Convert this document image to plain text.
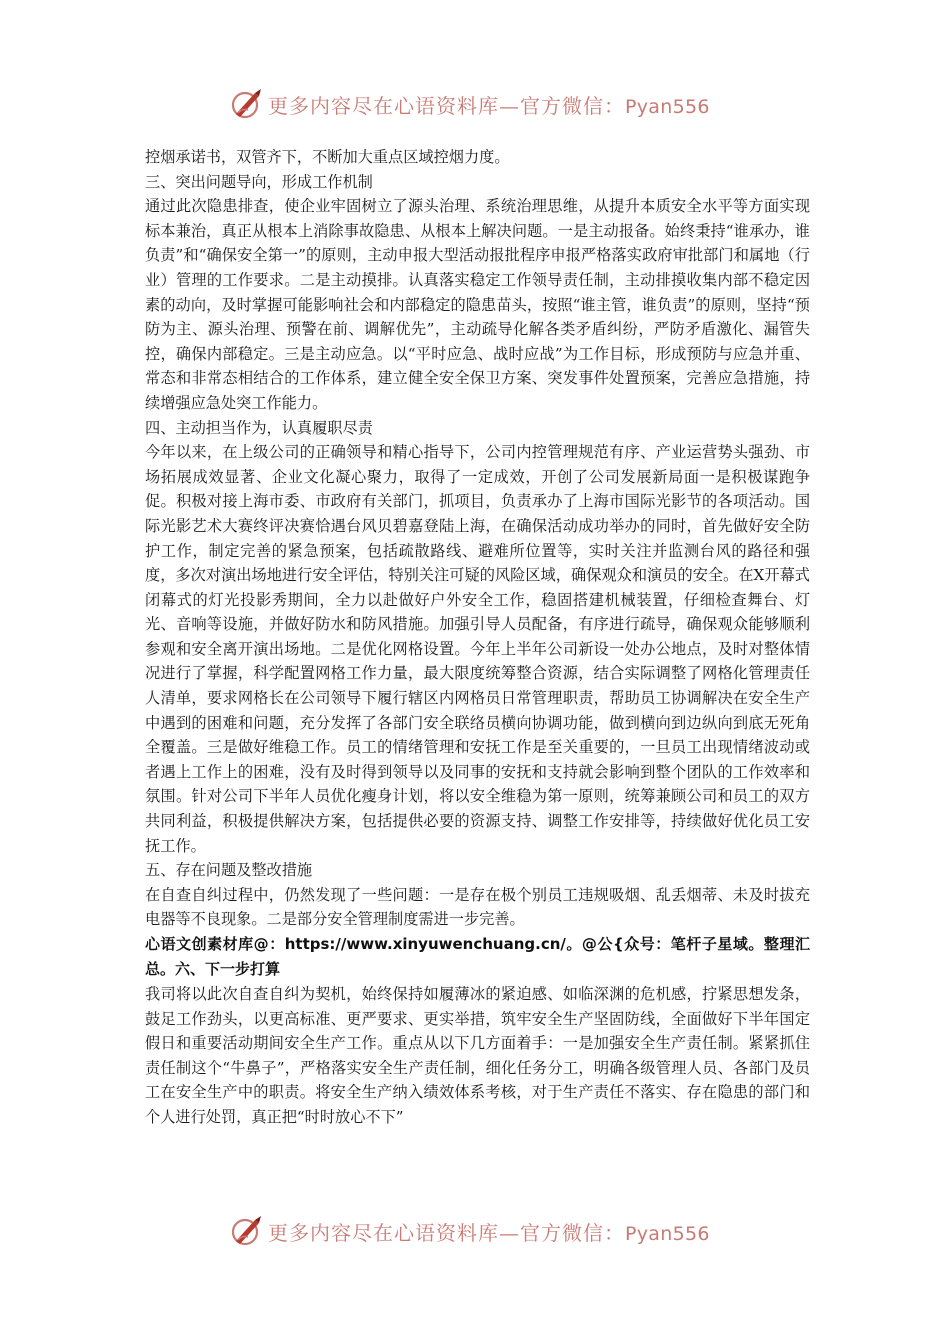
更多内容尽在心语资料库—官方微信：Pyan556

控烟承诺书，双管齐下，不断加大重点区域控烟力度。

三、突出问题导向，形成工作机制

通过此次隐患排查，使企业牢固树立了源头治理、系统治理思维，从提升本质安全水平等方面实现标本兼治，真正从根本上消除事故隐患、从根本上解决问题。一是主动报备。始终秉持“谁承办，谁负责”和“确保安全第一”的原则，主动申报大型活动报批程序申报严格落实政府审批部门和属地（行业）管理的工作要求。二是主动摸排。认真落实稳定工作领导责任制，主动排摸收集内部不稳定因素的动向，及时掌握可能影响社会和内部稳定的隐患苗头，按照“谁主管，谁负责”的原则，坚持“预防为主、源头治理、预警在前、调解优先”，主动疏导化解各类矛盾纠纷，严防矛盾激化、漏管失控，确保内部稳定。三是主动应急。以“平时应急、战时应战”为工作目标，形成预防与应急并重、常态和非常态相结合的工作体系，建立健全安全保卫方案、突发事件处置预案，完善应急措施，持续增强应急处突工作能力。

四、主动担当作为，认真履职尽责

今年以来，在上级公司的正确领导和精心指导下，公司内控管理规范有序、产业运营势头强劲、市场拓展成效显著、企业文化凝心聚力，取得了一定成效，开创了公司发展新局面一是积极谋跑争促。积极对接上海市委、市政府有关部门，抓项目，负责承办了上海市国际光影节的各项活动。国际光影艺术大赛终评决赛恰遇台风贝碧嘉登陆上海，在确保活动成功举办的同时，首先做好安全防护工作，制定完善的紧急预案，包括疏散路线、避难所位置等，实时关注并监测台风的路径和强度，多次对演出场地进行安全评估，特别关注可疑的风险区域，确保观众和演员的安全。在X开幕式闭幕式的灯光投影秀期间，全力以赴做好户外安全工作，稳固搭建机械装置，仔细检查舞台、灯光、音响等设施，并做好防水和防风措施。加强引导人员配备，有序进行疏导，确保观众能够顺利参观和安全离开演出场地。二是优化网格设置。今年上半年公司新设一处办公地点，及时对整体情况进行了掌握，科学配置网格工作力量，最大限度统筹整合资源，结合实际调整了网格化管理责任人清单，要求网格长在公司领导下履行辖区内网格员日常管理职责，帮助员工协调解决在安全生产中遇到的困难和问题，充分发挥了各部门安全联络员横向协调功能，做到横向到边纵向到底无死角全覆盖。三是做好维稳工作。员工的情绪管理和安抚工作是至关重要的，一旦员工出现情绪波动或者遇上工作上的困难，没有及时得到领导以及同事的安抚和支持就会影响到整个团队的工作效率和氛围。针对公司下半年人员优化瘦身计划，将以安全维稳为第一原则，统筹兼顾公司和员工的双方共同利益，积极提供解决方案，包括提供必要的资源支持、调整工作安排等，持续做好优化员工安抚工作。

五、存在问题及整改措施

在自查自纠过程中，仍然发现了一些问题：一是存在极个别员工违规吸烟、乱丢烟蒂、未及时拔充电器等不良现象。二是部分安全管理制度需进一步完善。

心语文创素材库@：https://www.xinyuwenchuang.cn/。@公{众号：笔杆子星域。整理汇总。六、下一步打算

我司将以此次自查自纠为契机，始终保持如履薄冰的紧迫感、如临深渊的危机感，拧紧思想发条，鼓足工作劲头，以更高标准、更严要求、更实举措，筑牢安全生产坚固防线，全面做好下半年国定假日和重要活动期间安全生产工作。重点从以下几方面着手：一是加强安全生产责任制。紧紧抓住责任制这个“牛鼻子”，严格落实安全生产责任制，细化任务分工，明确各级管理人员、各部门及员工在安全生产中的职责。将安全生产纳入绩效体系考核，对于生产责任不落实、存在隐患的部门和个人进行处罚，真正把“时时放心不下”

更多内容尽在心语资料库—官方微信：Pyan556
